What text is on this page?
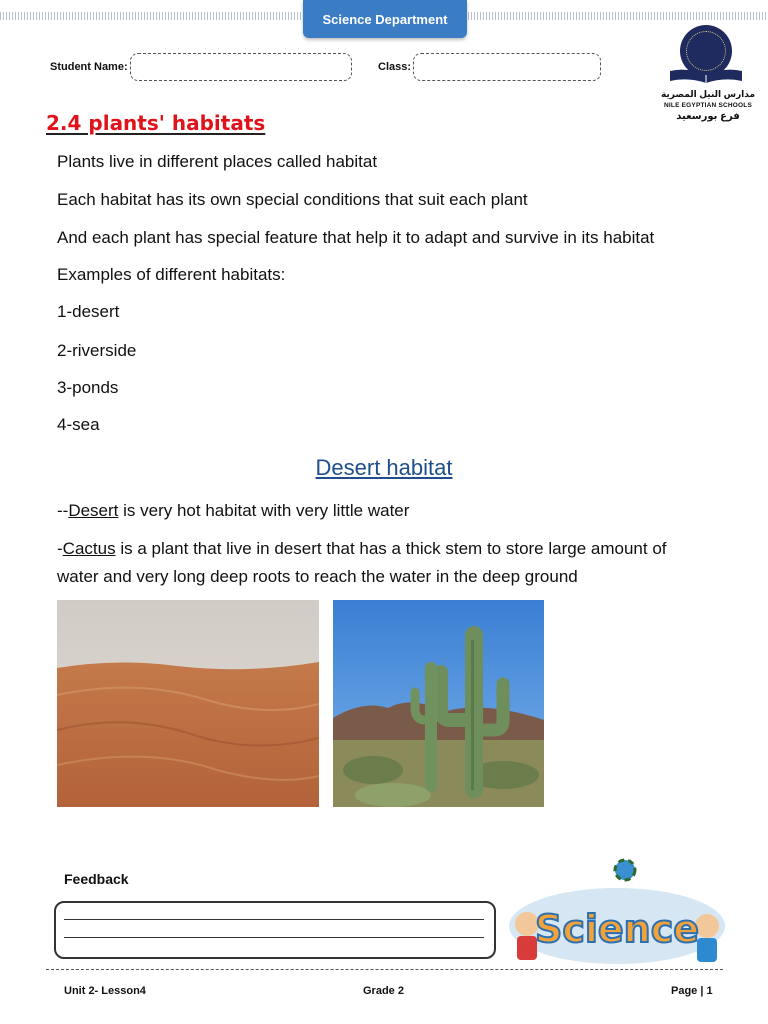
Science Department
Student Name:	Class:
مدارس النيل المصرية
NILE EGYPTIAN SCHOOLS
فرع بورسعيد
2.4 plants' habitats
Plants live in different places called habitat
Each habitat has its own special conditions that suit each plant
And each plant has special feature that help it to adapt and survive in its habitat
Examples of different habitats:
1-desert
2-riverside
3-ponds
4-sea
Desert habitat
--Desert is very hot habitat with very little water
-Cactus is a plant that live in desert that has a thick stem to store large amount of
water and very long deep roots to reach the water in the deep ground
Feedback
Science
Unit 2- Lesson4	Grade 2	Page | 1
